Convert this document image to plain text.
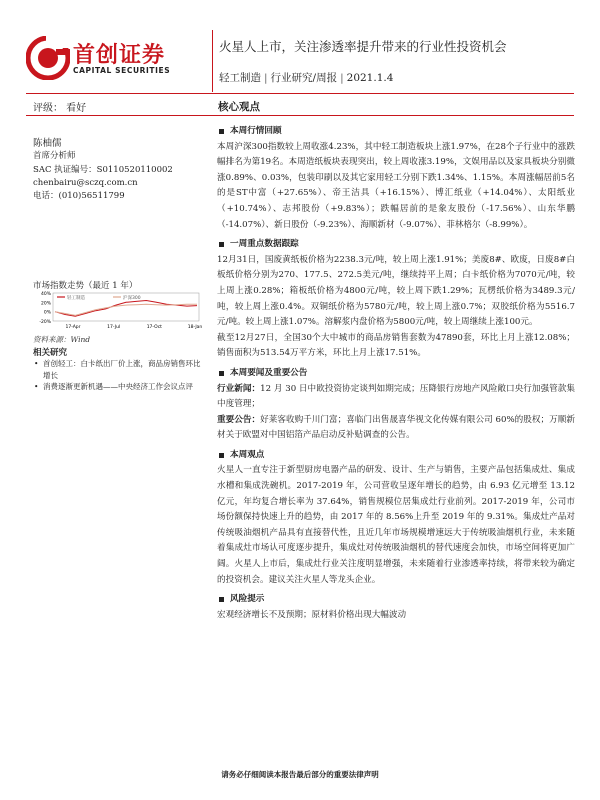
首创证券
CAPITAL SECURITIES
火星人上市，关注渗透率提升带来的行业性投资机会
轻工制造 | 行业研究/周报 | 2021.1.4
评级： 看好	核心观点
陈柚儒
首席分析师
SAC 执证编号：S0110520110002
chenbairu@sczq.com.cn
电话：(010)56511799
市场指数走势（最近 1 年）
40%
20%
0%
-20%
17-Apr	17-Jul	17-Oct	18-Jan
轻工制造	沪深300
资料来源：Wind
相关研究
• 首创轻工：白卡纸出厂价上涨，商品房销售环比增长
• 消费逐渐更新机遇——中央经济工作会议点评
本周行情回顾
本周沪深300指数较上周收涨4.23%，其中轻工制造板块上涨1.97%，在28个子行业中的涨跌幅排名为第19名。本周造纸板块表现突出，较上周收涨3.19%，文娱用品以及家具板块分别微涨0.89%、0.03%，包装印刷以及其它家用轻工分别下跌1.34%、1.15%。本周涨幅居前5名的是ST中富（+27.65%）、帝王洁具（+16.15%）、博汇纸业（+14.04%）、太阳纸业（+10.74%）、志邦股份（+9.83%）；跌幅居前的是象友股份（-17.56%）、山东华鹏（-14.07%）、新日股份（-9.23%）、海顺新材（-9.07%）、菲林格尔（-8.99%）。
一周重点数据跟踪
12月31日，国废黄纸板价格为2238.3元/吨，较上周上涨1.91%；美废8#、欧废，日废8#白板纸价格分别为270、177.5、272.5美元/吨，继续持平上周；白卡纸价格为7070元/吨，较上周上涨0.28%；箱板纸价格为4800元/吨，较上周下跌1.29%；瓦楞纸价格为3489.3元/吨，较上周上涨0.4%。双铜纸价格为5780元/吨，较上周上涨0.7%；双胶纸价格为5516.7元/吨。较上周上涨1.07%。溶解浆内盘价格为5800元/吨，较上周继续上涨100元。
截至12月27日，全国30个大中城市的商品房销售套数为47890套，环比上月上涨12.08%；销售面积为513.54万平方米，环比上月上涨17.51%。
本周要闻及重要公告
行业新闻：12 月 30 日中欧投资协定谈判如期完成；压降银行房地产风险敞口央行加强管款集中度管理；
重要公告：好莱客收购千川门富；喜临门出售晟喜华视文化传媒有限公司 60%的股权；万顺新材关于欧盟对中国铝箔产品启动反补贴调查的公告。
本周观点
火星人一直专注于新型厨房电器产品的研发、设计、生产与销售，主要产品包括集成灶、集成水槽和集成洗碗机。2017-2019 年，公司营收呈逐年增长的趋势，由 6.93 亿元增至 13.12 亿元，年均复合增长率为 37.64%，销售规模位居集成灶行业前列。2017-2019 年，公司市场份额保持快速上升的趋势，由 2017 年的 8.56%上升至 2019 年的 9.31%。集成灶产品对传统吸油烟机产品具有直接替代性，且近几年市场规模增速远大于传统吸油烟机行业，未来随着集成灶市场认可度逐步提升，集成灶对传统吸油烟机的替代速度会加快，市场空间将更加广阔。火星人上市后，集成灶行业关注度明显增强，未来随着行业渗透率持续，将带来较为确定的投资机会。建议关注火星人等龙头企业。
风险提示
宏观经济增长不及预期；原材料价格出现大幅波动
请务必仔细阅读本报告最后部分的重要法律声明
